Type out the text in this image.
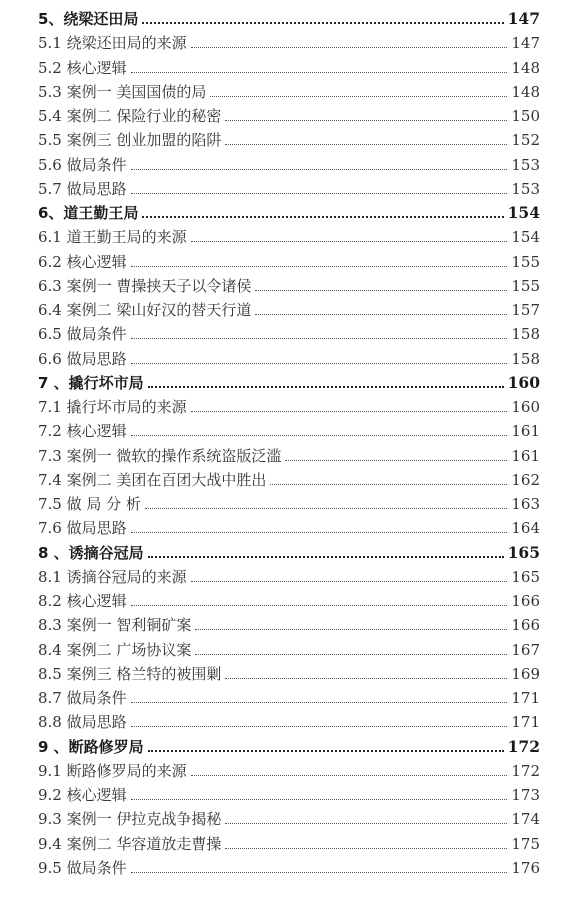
5、绕梁还田局	147
5.1 绕梁还田局的来源	147
5.2 核心逻辑	148
5.3 案例一 美国国债的局	148
5.4 案例二 保险行业的秘密	150
5.5 案例三 创业加盟的陷阱	152
5.6 做局条件	153
5.7 做局思路	153
6、道王勤王局	154
6.1 道王勤王局的来源	154
6.2 核心逻辑	155
6.3 案例一 曹操挟天子以令诸侯	155
6.4 案例二 梁山好汉的替天行道	157
6.5 做局条件	158
6.6 做局思路	158
7 、撬行坏市局	160
7.1 撬行坏市局的来源	160
7.2 核心逻辑	161
7.3 案例一 微软的操作系统盗版泛滥	161
7.4 案例二 美团在百团大战中胜出	162
7.5 做 局 分 析	163
7.6 做局思路	164
8 、诱摘谷冠局	165
8.1 诱摘谷冠局的来源	165
8.2 核心逻辑	166
8.3 案例一 智利铜矿案	166
8.4 案例二 广场协议案	167
8.5 案例三 格兰特的被围剿	169
8.7 做局条件	171
8.8 做局思路	171
9 、断路修罗局	172
9.1 断路修罗局的来源	172
9.2 核心逻辑	173
9.3 案例一 伊拉克战争揭秘	174
9.4 案例二 华容道放走曹操	175
9.5 做局条件	176
